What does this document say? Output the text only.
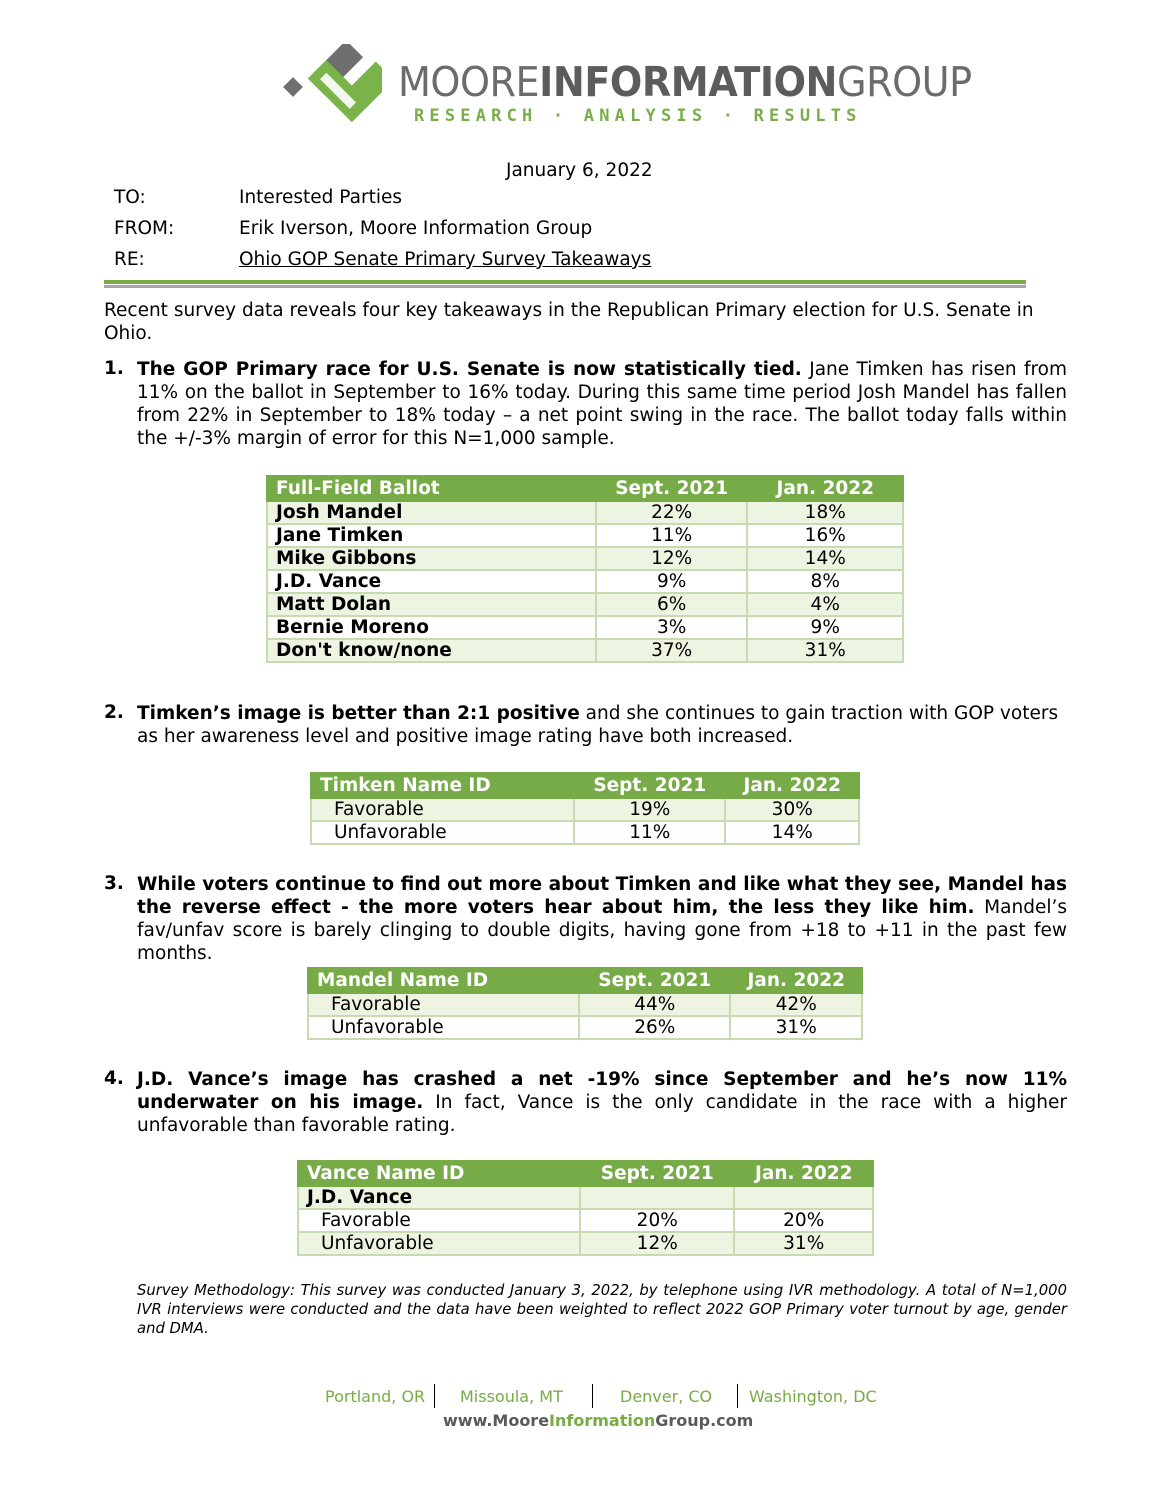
MOOREINFORMATIONGROUP
RESEARCH · ANALYSIS · RESULTS
January 6, 2022
TO:	Interested Parties
FROM:	Erik Iverson, Moore Information Group
RE:	Ohio GOP Senate Primary Survey Takeaways
Recent survey data reveals four key takeaways in the Republican Primary election for U.S. Senate in Ohio.
1. The GOP Primary race for U.S. Senate is now statistically tied. Jane Timken has risen from 11% on the ballot in September to 16% today. During this same time period Josh Mandel has fallen from 22% in September to 18% today – a net point swing in the race. The ballot today falls within the +/-3% margin of error for this N=1,000 sample.
Full-Field Ballot	Sept. 2021	Jan. 2022
Josh Mandel	22%	18%
Jane Timken	11%	16%
Mike Gibbons	12%	14%
J.D. Vance	9%	8%
Matt Dolan	6%	4%
Bernie Moreno	3%	9%
Don't know/none	37%	31%
2. Timken’s image is better than 2:1 positive and she continues to gain traction with GOP voters as her awareness level and positive image rating have both increased.
Timken Name ID	Sept. 2021	Jan. 2022
Favorable	19%	30%
Unfavorable	11%	14%
3. While voters continue to find out more about Timken and like what they see, Mandel has the reverse effect - the more voters hear about him, the less they like him. Mandel’s fav/unfav score is barely clinging to double digits, having gone from +18 to +11 in the past few months.
Mandel Name ID	Sept. 2021	Jan. 2022
Favorable	44%	42%
Unfavorable	26%	31%
4. J.D. Vance’s image has crashed a net -19% since September and he’s now 11% underwater on his image. In fact, Vance is the only candidate in the race with a higher unfavorable than favorable rating.
Vance Name ID	Sept. 2021	Jan. 2022
J.D. Vance		
Favorable	20%	20%
Unfavorable	12%	31%
Survey Methodology: This survey was conducted January 3, 2022, by telephone using IVR methodology. A total of N=1,000 IVR interviews were conducted and the data have been weighted to reflect 2022 GOP Primary voter turnout by age, gender and DMA.
Portland, OR Missoula, MT	Denver, CO Washington, DC
www.MooreInformationGroup.com
